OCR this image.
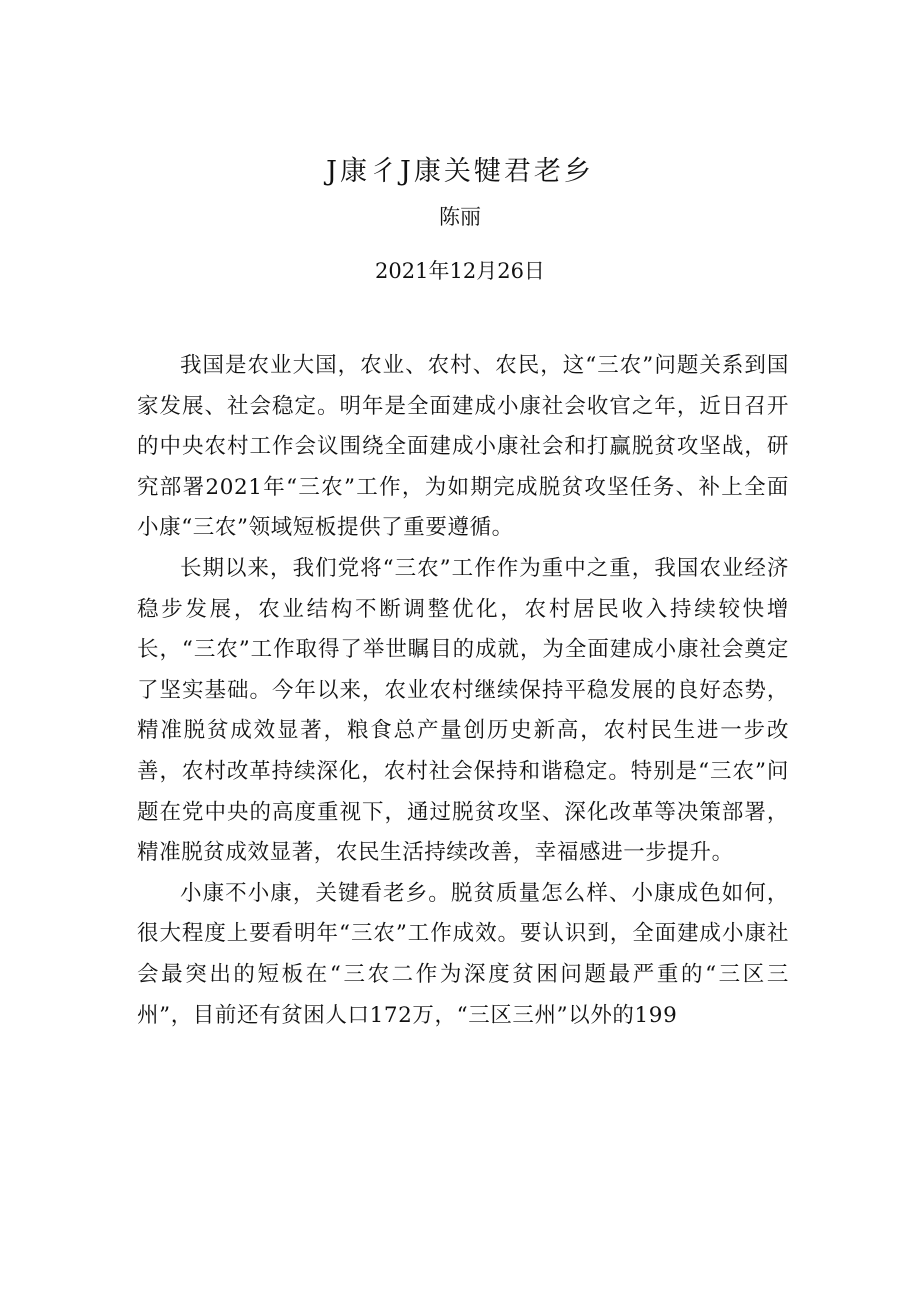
J康彳J康关犍君老乡
陈丽
2021年12月26日

我国是农业大国，农业、农村、农民，这“三农”问题关系到国家发展、社会稳定。明年是全面建成小康社会收官之年，近日召开的中央农村工作会议围绕全面建成小康社会和打赢脱贫攻坚战，研究部署2021年“三农”工作，为如期完成脱贫攻坚任务、补上全面小康“三农”领域短板提供了重要遵循。

长期以来，我们党将“三农”工作作为重中之重，我国农业经济稳步发展，农业结构不断调整优化，农村居民收入持续较快增长，“三农”工作取得了举世瞩目的成就，为全面建成小康社会奠定了坚实基础。今年以来，农业农村继续保持平稳发展的良好态势，精准脱贫成效显著，粮食总产量创历史新高，农村民生进一步改善，农村改革持续深化，农村社会保持和谐稳定。特别是“三农”问题在党中央的高度重视下，通过脱贫攻坚、深化改革等决策部署，精准脱贫成效显著，农民生活持续改善，幸福感进一步提升。

小康不小康，关键看老乡。脱贫质量怎么样、小康成色如何，很大程度上要看明年“三农”工作成效。要认识到，全面建成小康社会最突出的短板在“三农二作为深度贫困问题最严重的“三区三州”，目前还有贫困人口172万，“三区三州”以外的199
